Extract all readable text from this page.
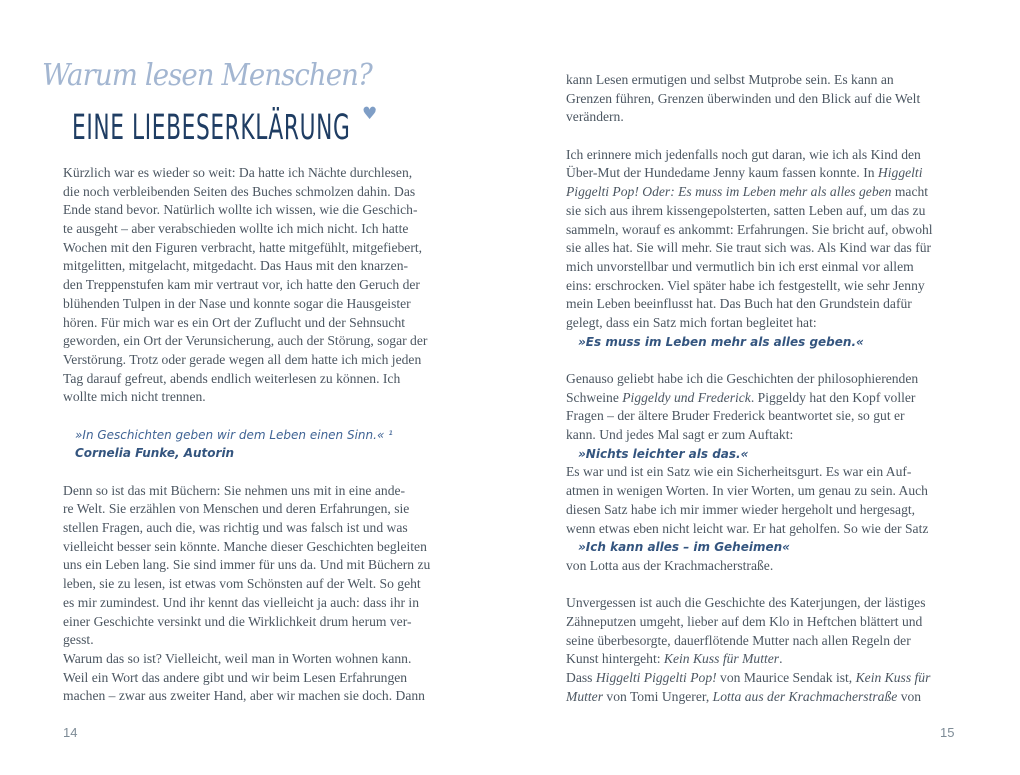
Warum lesen Menschen?
EINE LIEBESERKLÄRUNG ♥
Kürzlich war es wieder so weit: Da hatte ich Nächte durchlesen,
die noch verbleibenden Seiten des Buches schmolzen dahin. Das
Ende stand bevor. Natürlich wollte ich wissen, wie die Geschich-
te ausgeht – aber verabschieden wollte ich mich nicht. Ich hatte
Wochen mit den Figuren verbracht, hatte mitgefühlt, mitgefiebert,
mitgelitten, mitgelacht, mitgedacht. Das Haus mit den knarzen-
den Treppenstufen kam mir vertraut vor, ich hatte den Geruch der
blühenden Tulpen in der Nase und konnte sogar die Hausgeister
hören. Für mich war es ein Ort der Zuflucht und der Sehnsucht
geworden, ein Ort der Verunsicherung, auch der Störung, sogar der
Verstörung. Trotz oder gerade wegen all dem hatte ich mich jeden
Tag darauf gefreut, abends endlich weiterlesen zu können. Ich
wollte mich nicht trennen.
»In Geschichten geben wir dem Leben einen Sinn.« ¹
Cornelia Funke, Autorin
Denn so ist das mit Büchern: Sie nehmen uns mit in eine ande-
re Welt. Sie erzählen von Menschen und deren Erfahrungen, sie
stellen Fragen, auch die, was richtig und was falsch ist und was
vielleicht besser sein könnte. Manche dieser Geschichten begleiten
uns ein Leben lang. Sie sind immer für uns da. Und mit Büchern zu
leben, sie zu lesen, ist etwas vom Schönsten auf der Welt. So geht
es mir zumindest. Und ihr kennt das vielleicht ja auch: dass ihr in
einer Geschichte versinkt und die Wirklichkeit drum herum ver-
gesst.
Warum das so ist? Vielleicht, weil man in Worten wohnen kann.
Weil ein Wort das andere gibt und wir beim Lesen Erfahrungen
machen – zwar aus zweiter Hand, aber wir machen sie doch. Dann
14
kann Lesen ermutigen und selbst Mutprobe sein. Es kann an
Grenzen führen, Grenzen überwinden und den Blick auf die Welt
verändern.
Ich erinnere mich jedenfalls noch gut daran, wie ich als Kind den
Über-Mut der Hundedame Jenny kaum fassen konnte. In Higgelti
Piggelti Pop! Oder: Es muss im Leben mehr als alles geben macht
sie sich aus ihrem kissengepolsterten, satten Leben auf, um das zu
sammeln, worauf es ankommt: Erfahrungen. Sie bricht auf, obwohl
sie alles hat. Sie will mehr. Sie traut sich was. Als Kind war das für
mich unvorstellbar und vermutlich bin ich erst einmal vor allem
eins: erschrocken. Viel später habe ich festgestellt, wie sehr Jenny
mein Leben beeinflusst hat. Das Buch hat den Grundstein dafür
gelegt, dass ein Satz mich fortan begleitet hat:
»Es muss im Leben mehr als alles geben.«
Genauso geliebt habe ich die Geschichten der philosophierenden
Schweine Piggeldy und Frederick. Piggeldy hat den Kopf voller
Fragen – der ältere Bruder Frederick beantwortet sie, so gut er
kann. Und jedes Mal sagt er zum Auftakt:
»Nichts leichter als das.«
Es war und ist ein Satz wie ein Sicherheitsgurt. Es war ein Auf-
atmen in wenigen Worten. In vier Worten, um genau zu sein. Auch
diesen Satz habe ich mir immer wieder hergeholt und hergesagt,
wenn etwas eben nicht leicht war. Er hat geholfen. So wie der Satz
»Ich kann alles – im Geheimen«
von Lotta aus der Krachmacherstraße.
Unvergessen ist auch die Geschichte des Katerjungen, der lästiges
Zähneputzen umgeht, lieber auf dem Klo in Heftchen blättert und
seine überbesorgte, dauerflötende Mutter nach allen Regeln der
Kunst hintergeht: Kein Kuss für Mutter.
Dass Higgelti Piggelti Pop! von Maurice Sendak ist, Kein Kuss für
Mutter von Tomi Ungerer, Lotta aus der Krachmacherstraße von
15
